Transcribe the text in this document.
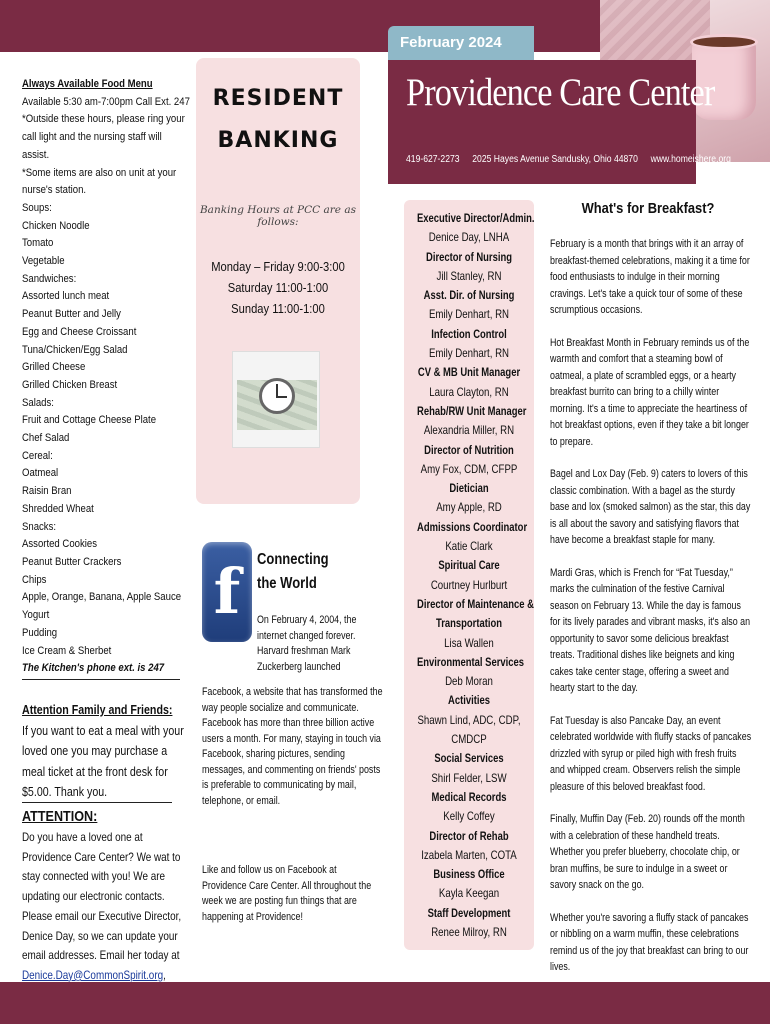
February 2024
Providence Care Center
419-627-2273 2025 Hayes Avenue Sandusky, Ohio 44870 www.homeishere.org
Always Available Food Menu
Available 5:30 am-7:00pm Call Ext. 247
*Outside these hours, please ring your call light and the nursing staff will assist.
*Some items are also on unit at your nurse's station.
Soups:
Chicken Noodle
Tomato
Vegetable
Sandwiches:
Assorted lunch meat
Peanut Butter and Jelly
Egg and Cheese Croissant
Tuna/Chicken/Egg Salad
Grilled Cheese
Grilled Chicken Breast
Salads:
Fruit and Cottage Cheese Plate
Chef Salad
Cereal:
Oatmeal
Raisin Bran
Shredded Wheat
Snacks:
Assorted Cookies
Peanut Butter Crackers
Chips
Apple, Orange, Banana, Apple Sauce
Yogurt
Pudding
Ice Cream & Sherbet
The Kitchen's phone ext. is 247
Attention Family and Friends:
If you want to eat a meal with your loved one you may purchase a meal ticket at the front desk for $5.00. Thank you.
ATTENTION:
Do you have a loved one at Providence Care Center? We wat to stay connected with you! We are updating our electronic contacts. Please email our Executive Director, Denice Day, so we can update your email addresses. Email her today at Denice.Day@CommonSpirit.org,
RESIDENT
BANKING
Banking Hours at PCC are as follows:
Monday – Friday 9:00-3:00
Saturday 11:00-1:00
Sunday 11:00-1:00
f	Connecting the World
On February 4, 2004, the internet changed forever. Harvard freshman Mark Zuckerberg launched
Facebook, a website that has transformed the way people socialize and communicate. Facebook has more than three billion active users a month. For many, staying in touch via Facebook, sharing pictures, sending messages, and commenting on friends' posts is preferable to communicating by mail, telephone, or email.
Like and follow us on Facebook at Providence Care Center. All throughout the week we are posting fun things that are happening at Providence!
Executive Director/Admin.
Denice Day, LNHA
Director of Nursing
Jill Stanley, RN
Asst. Dir. of Nursing
Emily Denhart, RN
Infection Control
Emily Denhart, RN
CV & MB Unit Manager
Laura Clayton, RN
Rehab/RW Unit Manager
Alexandria Miller, RN
Director of Nutrition
Amy Fox, CDM, CFPP
Dietician
Amy Apple, RD
Admissions Coordinator
Katie Clark
Spiritual Care
Courtney Hurlburt
Director of Maintenance &
Transportation
Lisa Wallen
Environmental Services
Deb Moran
Activities
Shawn Lind, ADC, CDP,
CMDCP
Social Services
Shirl Felder, LSW
Medical Records
Kelly Coffey
Director of Rehab
Izabela Marten, COTA
Business Office
Kayla Keegan
Staff Development
Renee Milroy, RN
What's for Breakfast?

February is a month that brings with it an array of breakfast-themed celebrations, making it a time for food enthusiasts to indulge in their morning cravings. Let's take a quick tour of some of these scrumptious occasions.

Hot Breakfast Month in February reminds us of the warmth and comfort that a steaming bowl of oatmeal, a plate of scrambled eggs, or a hearty breakfast burrito can bring to a chilly winter morning. It's a time to appreciate the heartiness of hot breakfast options, even if they take a bit longer to prepare.

Bagel and Lox Day (Feb. 9) caters to lovers of this classic combination. With a bagel as the sturdy base and lox (smoked salmon) as the star, this day is all about the savory and satisfying flavors that have become a breakfast staple for many.

Mardi Gras, which is French for “Fat Tuesday,” marks the culmination of the festive Carnival season on February 13. While the day is famous for its lively parades and vibrant masks, it's also an opportunity to savor some delicious breakfast treats. Traditional dishes like beignets and king cakes take center stage, offering a sweet and hearty start to the day.

Fat Tuesday is also Pancake Day, an event celebrated worldwide with fluffy stacks of pancakes drizzled with syrup or piled high with fresh fruits and whipped cream. Observers relish the simple pleasure of this beloved breakfast food.

Finally, Muffin Day (Feb. 20) rounds off the month with a celebration of these handheld treats. Whether you prefer blueberry, chocolate chip, or bran muffins, be sure to indulge in a sweet or savory snack on the go.

Whether you're savoring a fluffy stack of pancakes or nibbling on a warm muffin, these celebrations remind us of the joy that breakfast can bring to our lives.
